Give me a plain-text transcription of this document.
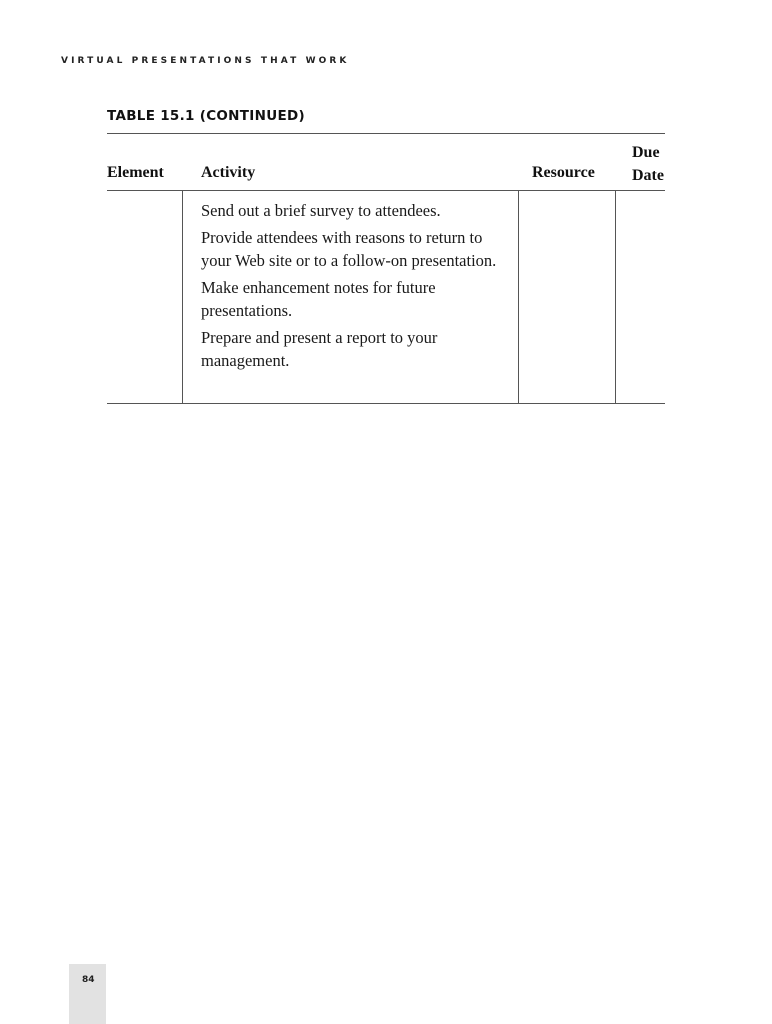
VIRTUAL PRESENTATIONS THAT WORK
TABLE 15.1 (CONTINUED)
Element Activity	Resource
Due
Date
Send out a brief survey to attendees.
Provide attendees with reasons to return to your Web site or to a follow-on presentation.
Make enhancement notes for future presentations.
Prepare and present a report to your management.
84
